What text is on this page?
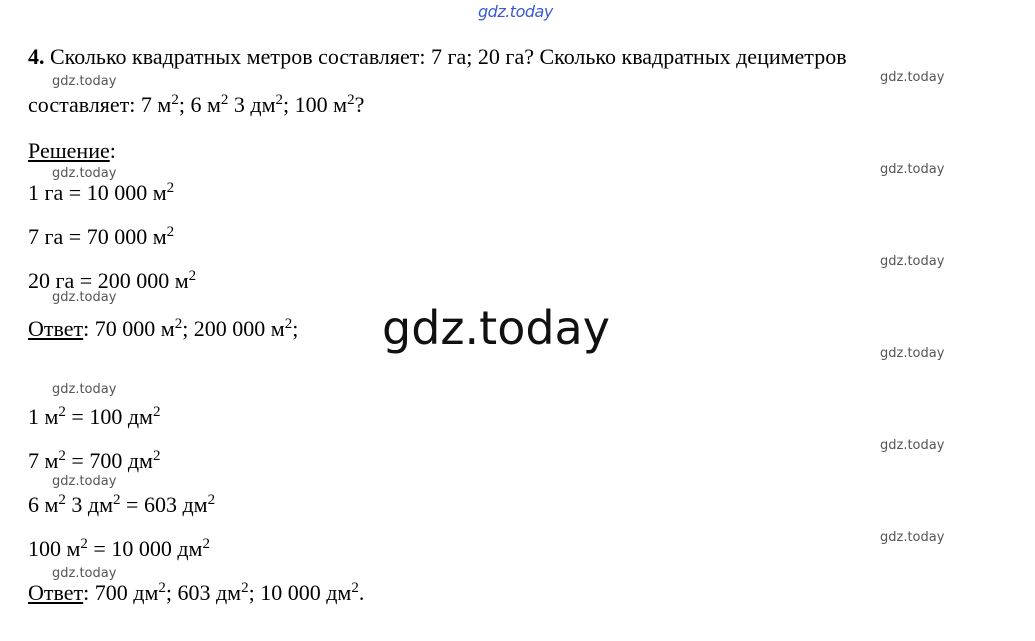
gdz.today
gdz.today	gdz.today
gdz.today	gdz.today
gdz.today
gdz.today
gdz.today
gdz.today
gdz.today
gdz.today
gdz.today
gdz.today
gdz.today
4. Сколько квадратных метров составляет: 7 га; 20 га? Сколько квадратных дециметров
составляет: 7 $м^2$; 6 $м^2$ 3 $дм^2$; 100 $м^2$?
Решение:
1 га = 10 000 $м^2$
7 га = 70 000 $м^2$
20 га = 200 000 $м^2$
Ответ: 70 000 $м^2$; 200 000 $м^2$;
1 $м^2 = 100$ $дм^2$
7 $м^2 = 700$ $дм^2$
6 $м^2$ 3 $дм^2 = 603$ $дм^2$
100 $м^2 = 10$ 000 $дм^2$
Ответ: 700 $дм^2$; 603 $дм^2$; 10 000 $дм^2$.
